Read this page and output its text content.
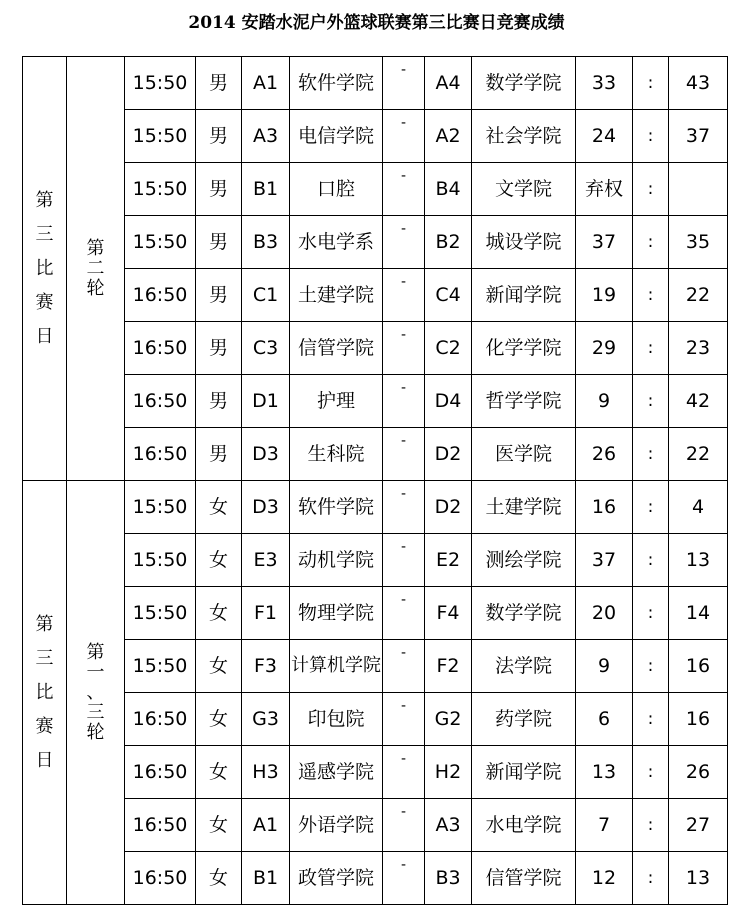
2014 安踏水泥户外篮球联赛第三比赛日竞赛成绩
第
三
比
赛
日	第
二
轮	15:50	男	A1	软件学院	-	A4	数学学院	33	:	43
		15:50	男	A3	电信学院	-	A2	社会学院	24	:	37
		15:50	男	B1	口腔	-	B4	文学院	弃权	:	
		15:50	男	B3	水电学系	-	B2	城设学院	37	:	35
		16:50	男	C1	土建学院	-	C4	新闻学院	19	:	22
		16:50	男	C3	信管学院	-	C2	化学学院	29	:	23
		16:50	男	D1	护理	-	D4	哲学学院	9	:	42
		16:50	男	D3	生科院	-	D2	医学院	26	:	22

第
三
比
赛
日	第
一
、
三
轮	15:50	女	D3	软件学院	-	D2	土建学院	16	:	4
		15:50	女	E3	动机学院	-	E2	测绘学院	37	:	13
		15:50	女	F1	物理学院	-	F4	数学学院	20	:	14
		15:50	女	F3	计算机学院	-	F2	法学院	9	:	16
		16:50	女	G3	印包院	-	G2	药学院	6	:	16
		16:50	女	H3	遥感学院	-	H2	新闻学院	13	:	26
		16:50	女	A1	外语学院	-	A3	水电学院	7	:	27
		16:50	女	B1	政管学院	-	B3	信管学院	12	:	13
